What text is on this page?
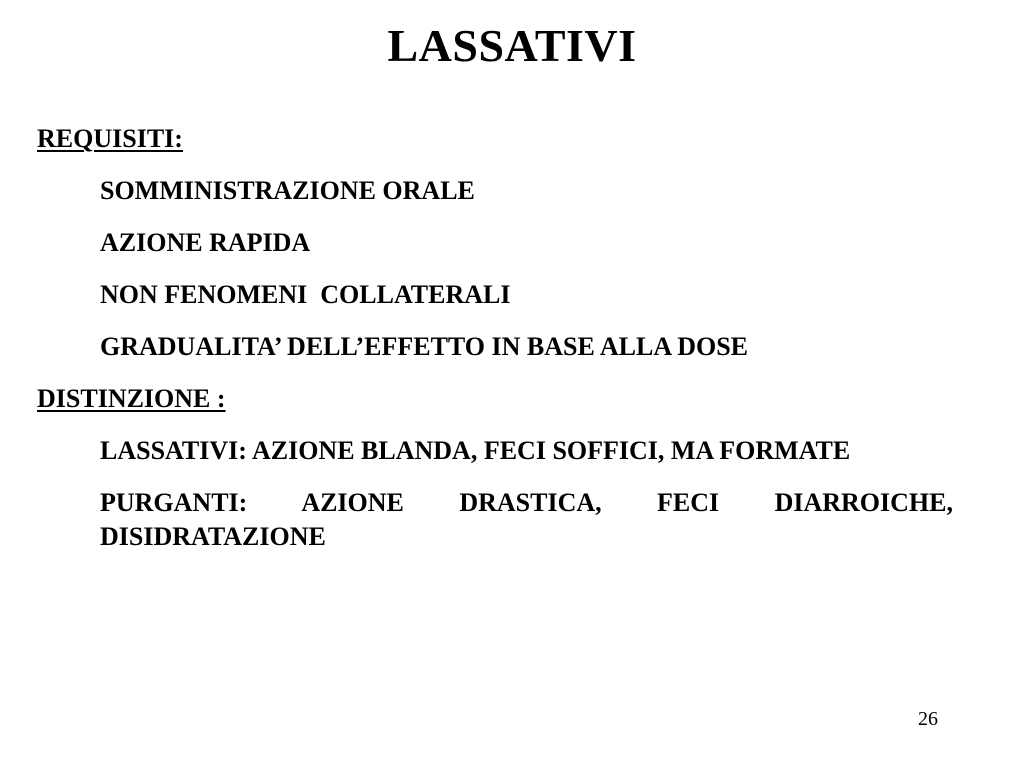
LASSATIVI

REQUISITI:

SOMMINISTRAZIONE ORALE

AZIONE RAPIDA

NON FENOMENI  COLLATERALI

GRADUALITA’ DELL’EFFETTO IN BASE ALLA DOSE

DISTINZIONE :

LASSATIVI: AZIONE BLANDA, FECI SOFFICI, MA FORMATE

PURGANTI: AZIONE DRASTICA, FECI DIARROICHE, DISIDRATAZIONE

26
